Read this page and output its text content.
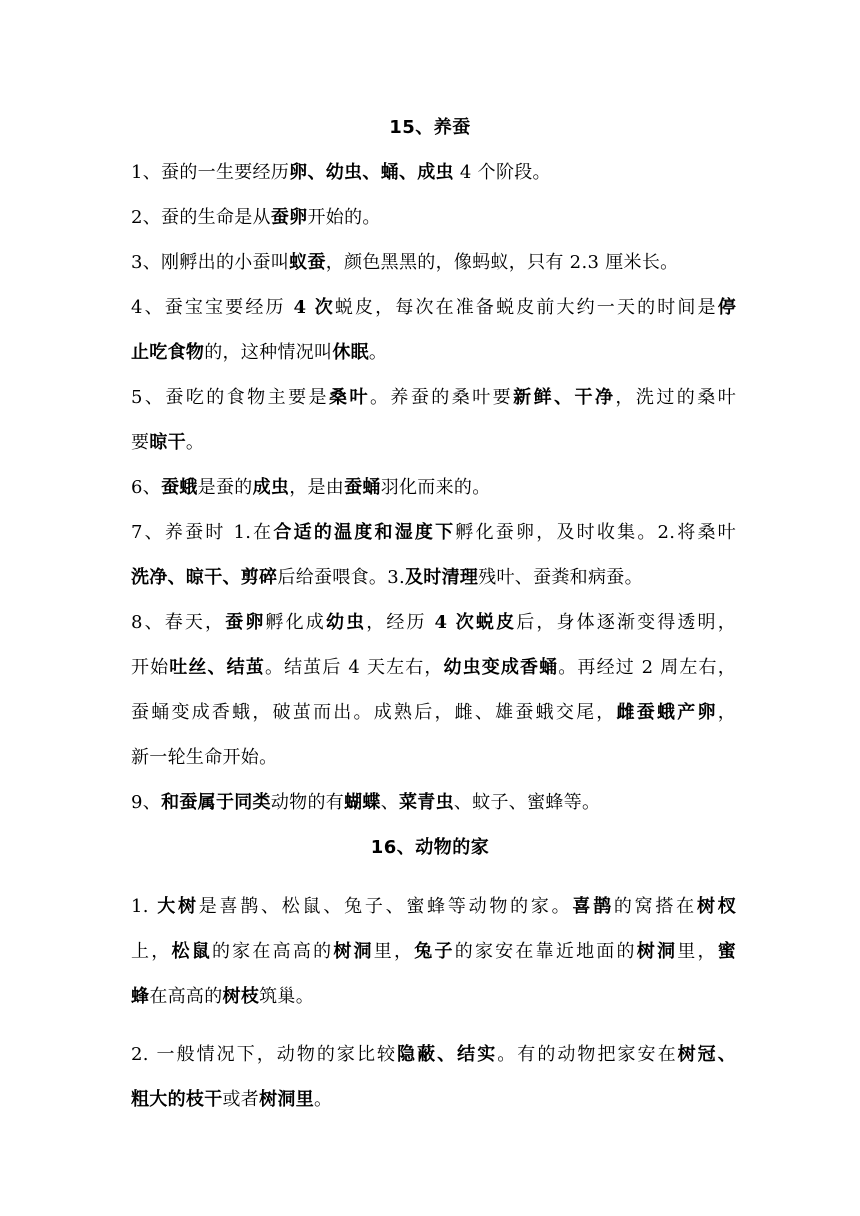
15、养蚕
1、蚕的一生要经历卵、幼虫、蛹、成虫 4 个阶段。
2、蚕的生命是从蚕卵开始的。
3、刚孵出的小蚕叫蚁蚕，颜色黑黑的，像蚂蚁，只有 2.3 厘米长。
4、蚕宝宝要经历 4 次蜕皮，每次在准备蜕皮前大约一天的时间是停
止吃食物的，这种情况叫休眠。
5、蚕吃的食物主要是桑叶。养蚕的桑叶要新鲜、干净，洗过的桑叶
要晾干。
6、蚕蛾是蚕的成虫，是由蚕蛹羽化而来的。
7、养蚕时 1.在合适的温度和湿度下孵化蚕卵，及时收集。2.将桑叶
洗净、晾干、剪碎后给蚕喂食。3.及时清理残叶、蚕粪和病蚕。
8、春天，蚕卵孵化成幼虫，经历 4 次蜕皮后，身体逐渐变得透明，
开始吐丝、结茧。结茧后 4 天左右，幼虫变成香蛹。再经过 2 周左右，
蚕蛹变成香蛾，破茧而出。成熟后，雌、雄蚕蛾交尾，雌蚕蛾产卵，
新一轮生命开始。
9、和蚕属于同类动物的有蝴蝶、菜青虫、蚊子、蜜蜂等。
16、动物的家
1. 大树是喜鹊、松鼠、兔子、蜜蜂等动物的家。喜鹊的窝搭在树杈
上，松鼠的家在高高的树洞里，兔子的家安在靠近地面的树洞里，蜜
蜂在高高的树枝筑巢。
2. 一般情况下，动物的家比较隐蔽、结实。有的动物把家安在树冠、
粗大的枝干或者树洞里。
